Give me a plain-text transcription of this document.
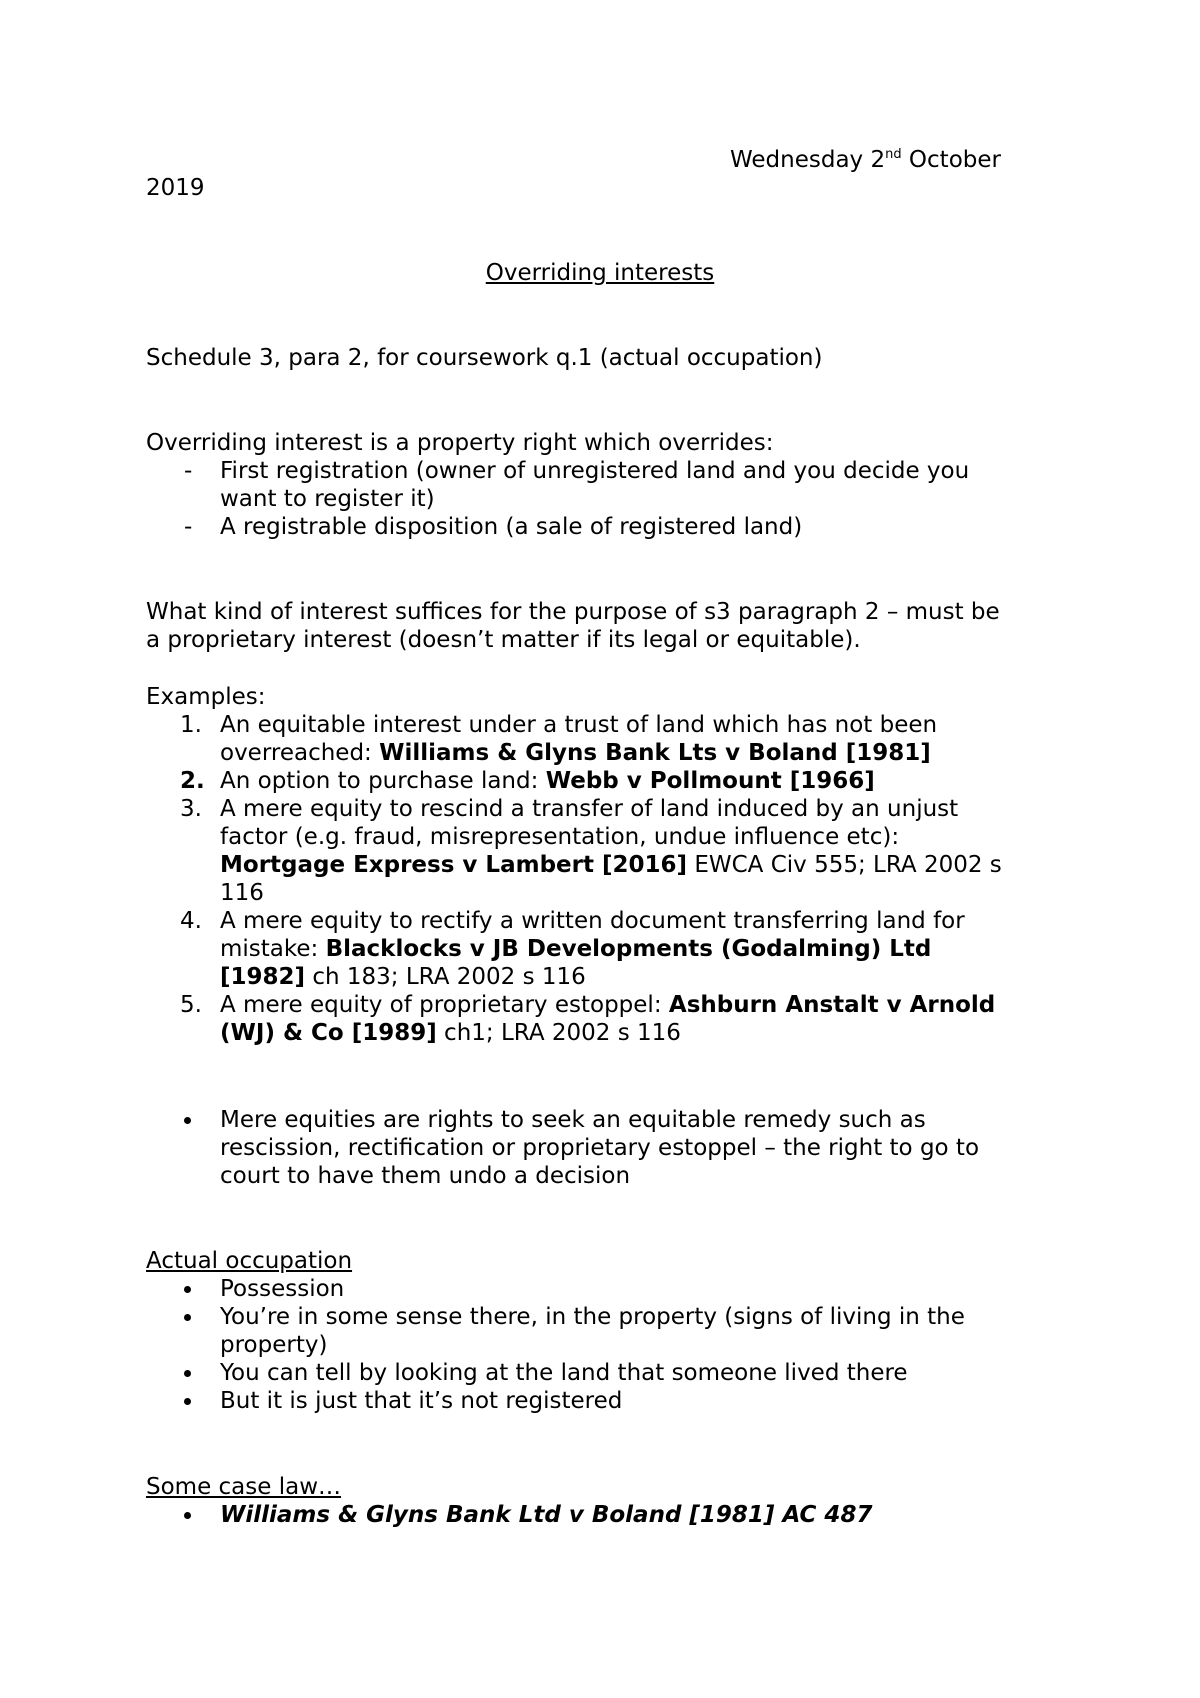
Wednesday 2nd October
2019
Overriding interests
Schedule 3, para 2, for coursework q.1 (actual occupation)

Overriding interest is a property right which overrides:

- First registration (owner of unregistered land and you decide you

want to register it)

- A registrable disposition (a sale of registered land)

What kind of interest suffices for the purpose of s3 paragraph 2 – must be

a proprietary interest (doesn’t matter if its legal or equitable).

Examples:

1. An equitable interest under a trust of land which has not been

overreached: Williams & Glyns Bank Lts v Boland [1981]

2. An option to purchase land: Webb v Pollmount [1966]

3. A mere equity to rescind a transfer of land induced by an unjust

factor (e.g. fraud, misrepresentation, undue influence etc):

Mortgage Express v Lambert [2016] EWCA Civ 555; LRA 2002 s

116

4. A mere equity to rectify a written document transferring land for

mistake: Blacklocks v JB Developments (Godalming) Ltd

[1982] ch 183; LRA 2002 s 116

5. A mere equity of proprietary estoppel: Ashburn Anstalt v Arnold

(WJ) & Co [1989] ch1; LRA 2002 s 116

Mere equities are rights to seek an equitable remedy such as

rescission, rectification or proprietary estoppel – the right to go to

court to have them undo a decision

Actual occupation

Possession

You’re in some sense there, in the property (signs of living in the

property)

You can tell by looking at the land that someone lived there

But it is just that it’s not registered

Some case law…

Williams & Glyns Bank Ltd v Boland [1981] AC 487
